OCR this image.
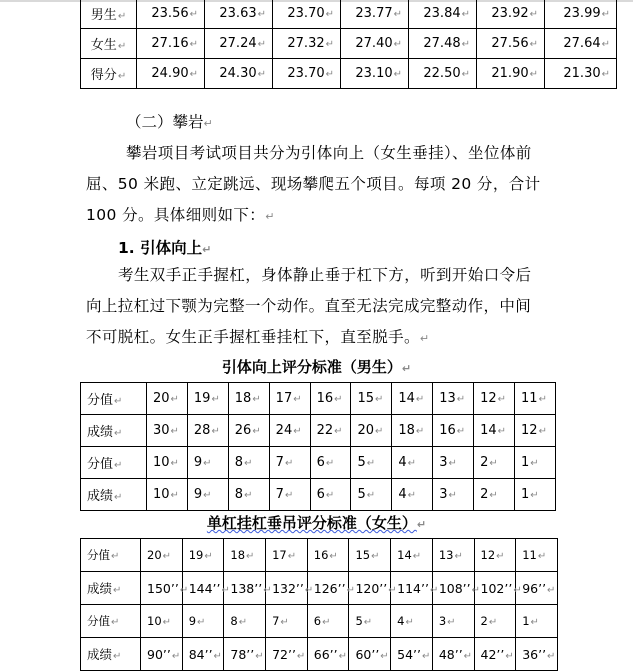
男生↵	23.56↵	23.63↵	23.70↵	23.77↵	23.84↵	23.92↵	23.99↵
女生↵	27.16↵	27.24↵	27.32↵	27.40↵	27.48↵	27.56↵	27.64↵
得分↵	24.90↵	24.30↵	23.70↵	23.10↵	22.50↵	21.90↵	21.30↵
（二）攀岩↵
攀岩项目考试项目共分为引体向上（女生垂挂）、坐位体前
屈、50 米跑、立定跳远、现场攀爬五个项目。每项 20 分，合计
100 分。具体细则如下：↵
1. 引体向上↵
考生双手正手握杠，身体静止垂于杠下方，听到开始口令后
向上拉杠过下颚为完整一个动作。直至无法完成完整动作，中间
不可脱杠。女生正手握杠垂挂杠下，直至脱手。↵
引体向上评分标准（男生）↵
分值↵	20↵	19↵	18↵	17↵	16↵	15↵	14↵	13↵	12↵	11↵
成绩↵	30↵	28↵	26↵	24↵	22↵	20↵	18↵	16↵	14↵	12↵
分值↵	10↵	9↵	8↵	7↵	6↵	5↵	4↵	3↵	2↵	1↵
成绩↵	10↵	9↵	8↵	7↵	6↵	5↵	4↵	3↵	2↵	1↵
单杠挂杠垂吊评分标准（女生）↵
分值↵	20↵	19↵	18↵	17↵	16↵	15↵	14↵	13↵	12↵	11↵
成绩↵	150’’↵	144’’↵	138’’↵	132’’↵	126’’↵	120’’↵	114’’↵	108’’↵	102’’↵	96’’↵
分值↵	10↵	9↵	8↵	7↵	6↵	5↵	4↵	3↵	2↵	1↵
成绩↵	90’’↵	84’’↵	78’’↵	72’’↵	66’’↵	60’’↵	54’’↵	48’’↵	42’’↵	36’’↵
